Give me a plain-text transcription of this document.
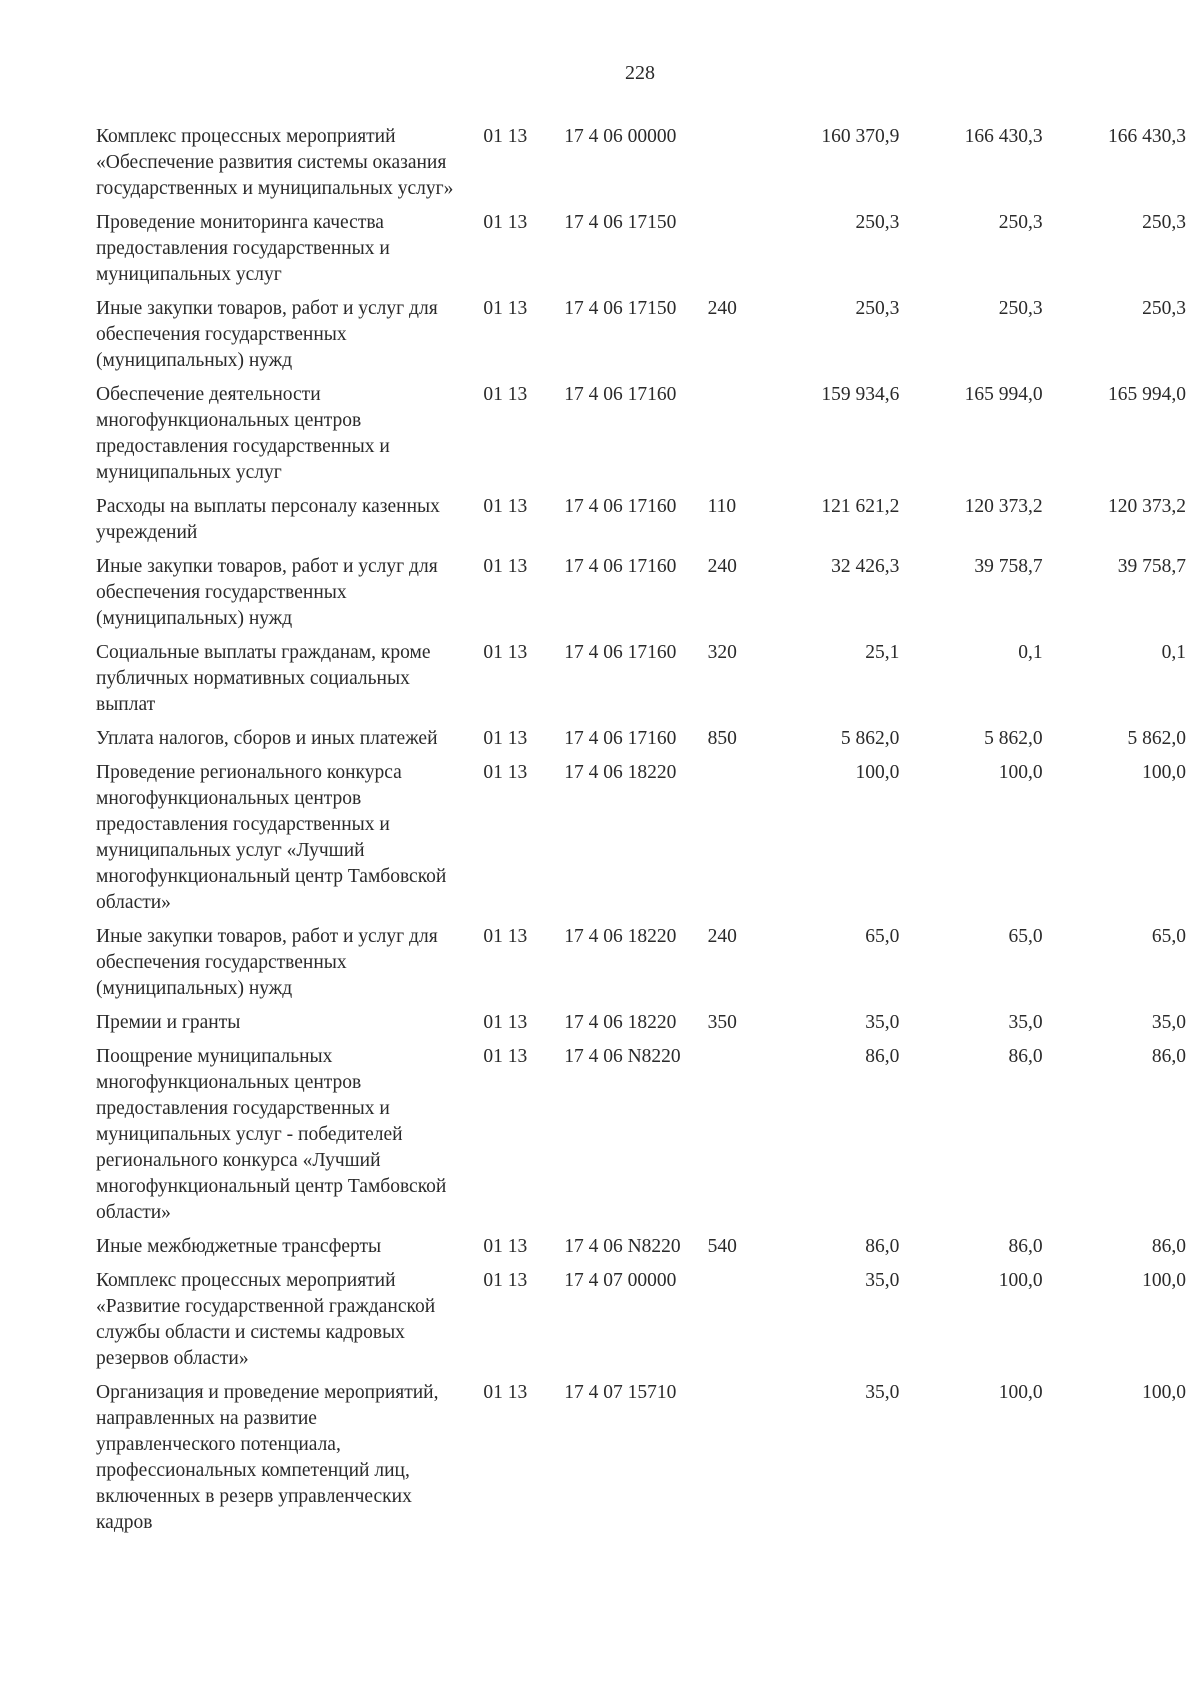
228
Комплекс процессных мероприятий «Обеспечение развития системы оказания государственных и муниципальных услуг»	01 13	17 4 06 00000		160 370,9	166 430,3	166 430,3
Проведение мониторинга качества предоставления государственных и муниципальных услуг	01 13	17 4 06 17150		250,3	250,3	250,3
Иные закупки товаров, работ и услуг для обеспечения государственных (муниципальных) нужд	01 13	17 4 06 17150	240	250,3	250,3	250,3
Обеспечение деятельности многофункциональных центров предоставления государственных и муниципальных услуг	01 13	17 4 06 17160		159 934,6	165 994,0	165 994,0
Расходы на выплаты персоналу казенных учреждений	01 13	17 4 06 17160	110	121 621,2	120 373,2	120 373,2
Иные закупки товаров, работ и услуг для обеспечения государственных (муниципальных) нужд	01 13	17 4 06 17160	240	32 426,3	39 758,7	39 758,7
Социальные выплаты гражданам, кроме публичных нормативных социальных выплат	01 13	17 4 06 17160	320	25,1	0,1	0,1
Уплата налогов, сборов и иных платежей	01 13	17 4 06 17160	850	5 862,0	5 862,0	5 862,0
Проведение регионального конкурса многофункциональных центров предоставления государственных и муниципальных услуг «Лучший многофункциональный центр Тамбовской области»	01 13	17 4 06 18220		100,0	100,0	100,0
Иные закупки товаров, работ и услуг для обеспечения государственных (муниципальных) нужд	01 13	17 4 06 18220	240	65,0	65,0	65,0
Премии и гранты	01 13	17 4 06 18220	350	35,0	35,0	35,0
Поощрение муниципальных многофункциональных центров предоставления государственных и муниципальных услуг - победителей регионального конкурса «Лучший многофункциональный центр Тамбовской области»	01 13	17 4 06 N8220		86,0	86,0	86,0
Иные межбюджетные трансферты	01 13	17 4 06 N8220	540	86,0	86,0	86,0
Комплекс процессных мероприятий «Развитие государственной гражданской службы области и системы кадровых резервов области»	01 13	17 4 07 00000		35,0	100,0	100,0
Организация и проведение мероприятий, направленных на развитие управленческого потенциала, профессиональных компетенций лиц, включенных в резерв управленческих кадров	01 13	17 4 07 15710		35,0	100,0	100,0
